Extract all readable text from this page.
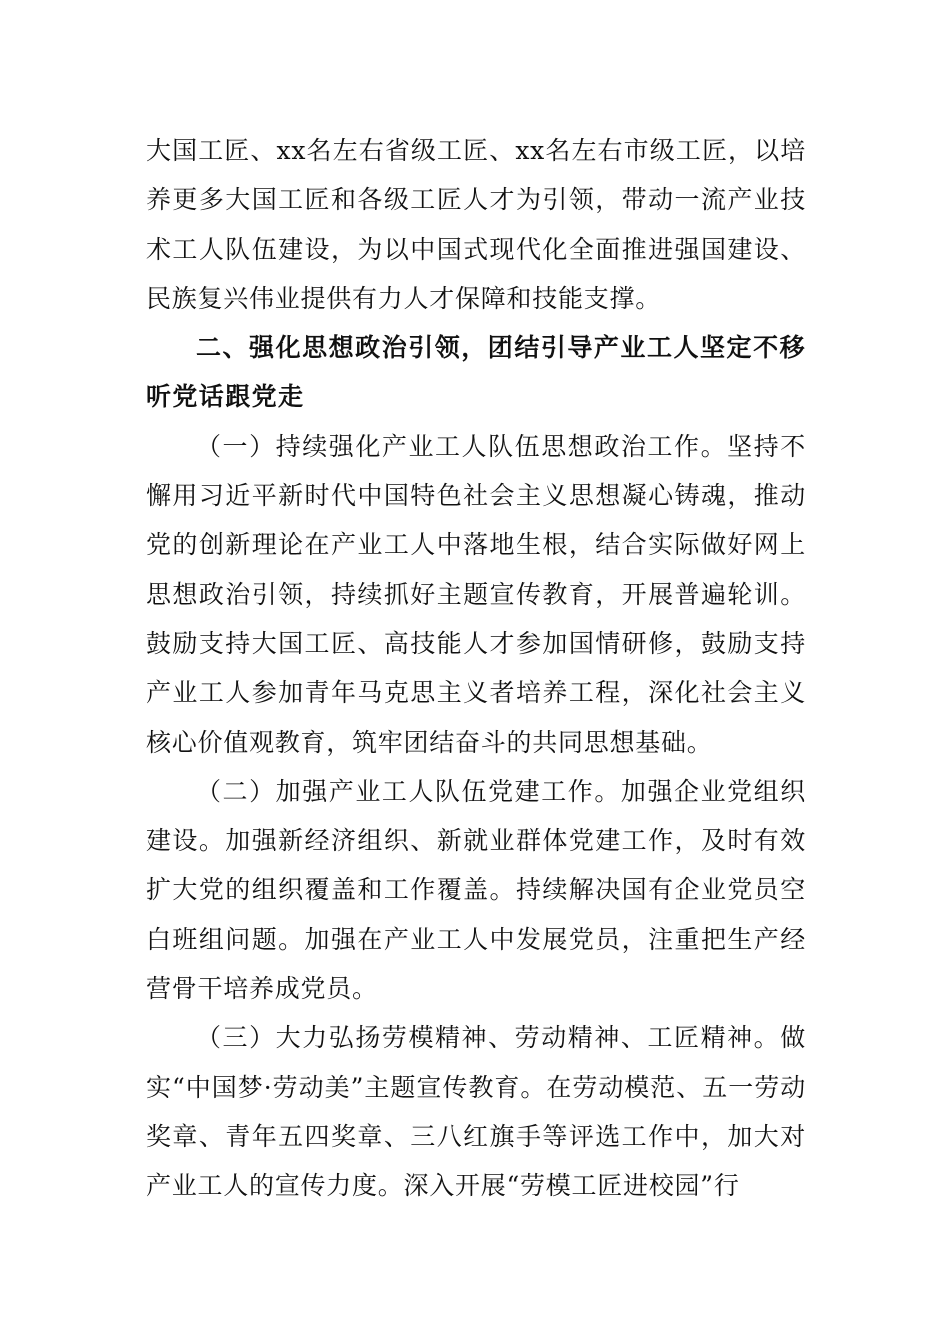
大国工匠、xx名左右省级工匠、xx名左右市级工匠，以培养更多大国工匠和各级工匠人才为引领，带动一流产业技术工人队伍建设，为以中国式现代化全面推进强国建设、民族复兴伟业提供有力人才保障和技能支撑。

二、强化思想政治引领，团结引导产业工人坚定不移听党话跟党走

（一）持续强化产业工人队伍思想政治工作。坚持不懈用习近平新时代中国特色社会主义思想凝心铸魂，推动党的创新理论在产业工人中落地生根，结合实际做好网上思想政治引领，持续抓好主题宣传教育，开展普遍轮训。鼓励支持大国工匠、高技能人才参加国情研修，鼓励支持产业工人参加青年马克思主义者培养工程，深化社会主义核心价值观教育，筑牢团结奋斗的共同思想基础。

（二）加强产业工人队伍党建工作。加强企业党组织建设。加强新经济组织、新就业群体党建工作，及时有效扩大党的组织覆盖和工作覆盖。持续解决国有企业党员空白班组问题。加强在产业工人中发展党员，注重把生产经营骨干培养成党员。

（三）大力弘扬劳模精神、劳动精神、工匠精神。做实“中国梦·劳动美”主题宣传教育。在劳动模范、五一劳动奖章、青年五四奖章、三八红旗手等评选工作中，加大对产业工人的宣传力度。深入开展“劳模工匠进校园”行
